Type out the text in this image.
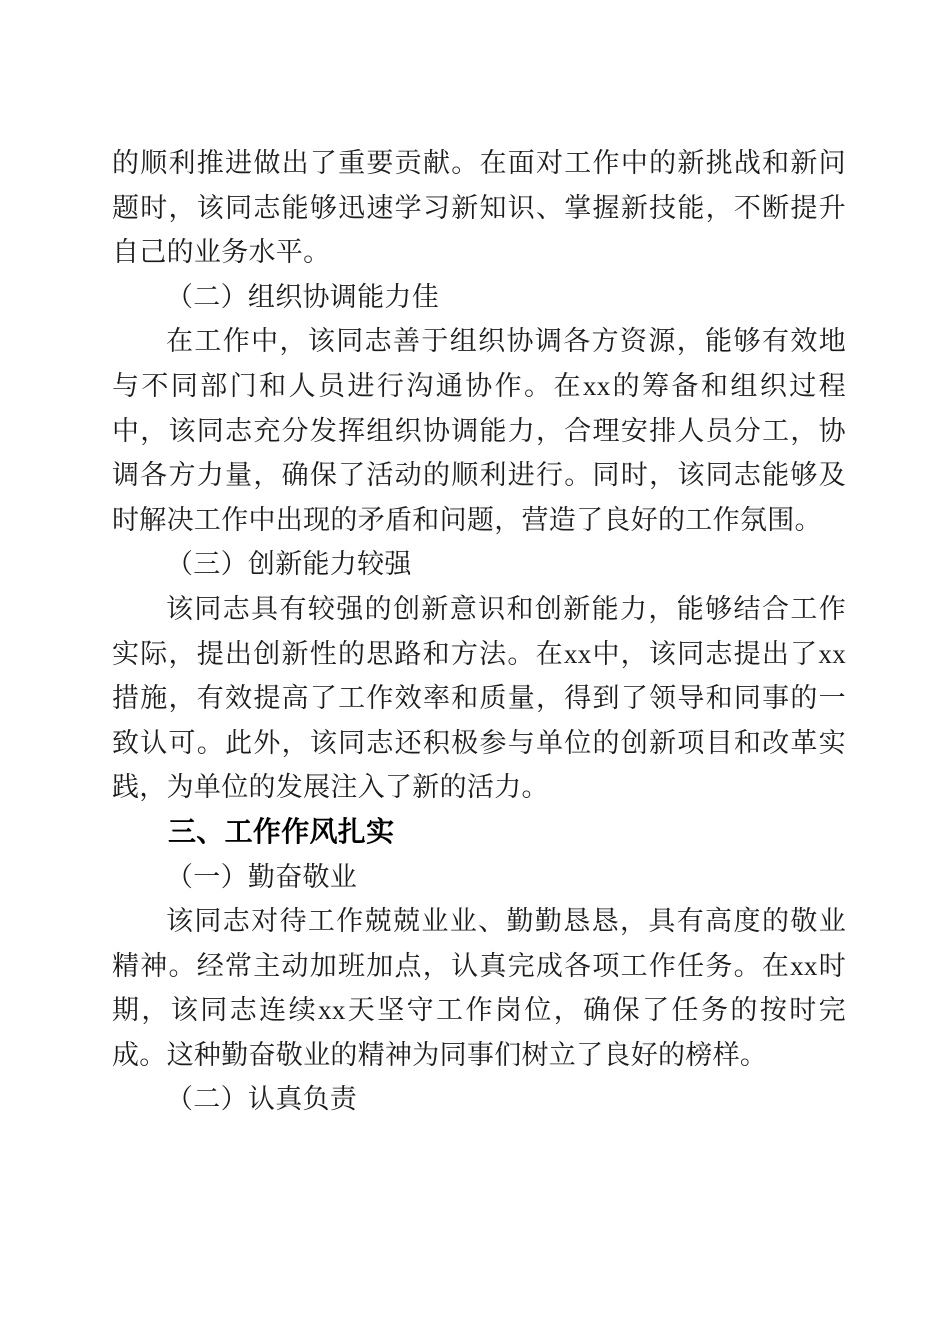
的顺利推进做出了重要贡献。在面对工作中的新挑战和新问题时，该同志能够迅速学习新知识、掌握新技能，不断提升自己的业务水平。
（二）组织协调能力佳
在工作中，该同志善于组织协调各方资源，能够有效地与不同部门和人员进行沟通协作。在xx的筹备和组织过程中，该同志充分发挥组织协调能力，合理安排人员分工，协调各方力量，确保了活动的顺利进行。同时，该同志能够及时解决工作中出现的矛盾和问题，营造了良好的工作氛围。
（三）创新能力较强
该同志具有较强的创新意识和创新能力，能够结合工作实际，提出创新性的思路和方法。在xx中，该同志提出了xx措施，有效提高了工作效率和质量，得到了领导和同事的一致认可。此外，该同志还积极参与单位的创新项目和改革实践，为单位的发展注入了新的活力。
三、工作作风扎实
（一）勤奋敬业
该同志对待工作兢兢业业、勤勤恳恳，具有高度的敬业精神。经常主动加班加点，认真完成各项工作任务。在xx时期，该同志连续xx天坚守工作岗位，确保了任务的按时完成。这种勤奋敬业的精神为同事们树立了良好的榜样。
（二）认真负责
